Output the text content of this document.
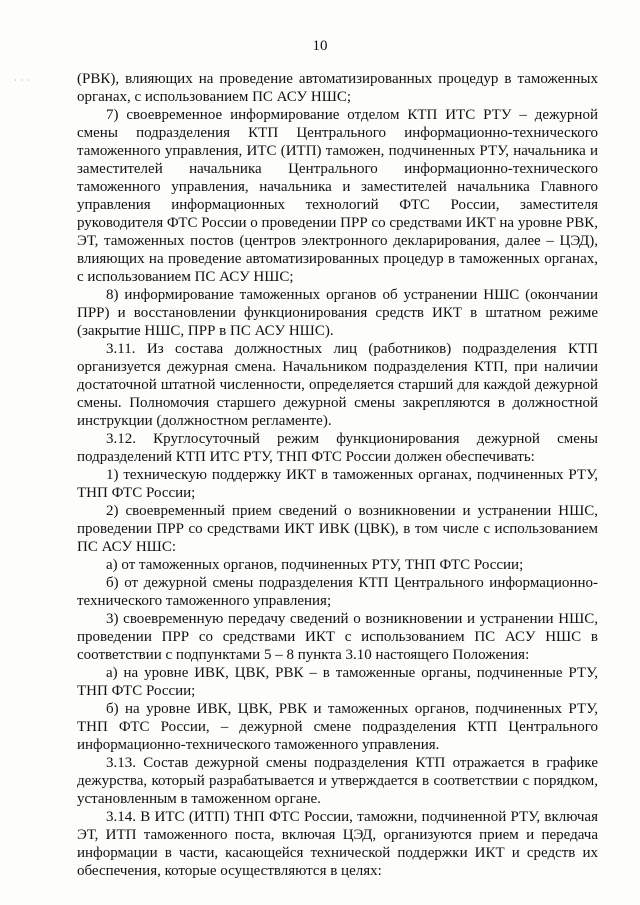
10
· · ·	(РВК), влияющих на проведение автоматизированных процедур в таможенных органах, с использованием ПС АСУ НШС;

7) своевременное информирование отделом КТП ИТС РТУ – дежурной смены подразделения КТП Центрального информационно-технического таможенного управления, ИТС (ИТП) таможен, подчиненных РТУ, начальника и заместителей начальника Центрального информационно-технического таможенного управления, начальника и заместителей начальника Главного управления информационных технологий ФТС России, заместителя руководителя ФТС России о проведении ПРР со средствами ИКТ на уровне РВК, ЭТ, таможенных постов (центров электронного декларирования, далее – ЦЭД), влияющих на проведение автоматизированных процедур в таможенных органах, с использованием ПС АСУ НШС;

8) информирование таможенных органов об устранении НШС (окончании ПРР) и восстановлении функционирования средств ИКТ в штатном режиме (закрытие НШС, ПРР в ПС АСУ НШС).

3.11. Из состава должностных лиц (работников) подразделения КТП организуется дежурная смена. Начальником подразделения КТП, при наличии достаточной штатной численности, определяется старший для каждой дежурной смены. Полномочия старшего дежурной смены закрепляются в должностной инструкции (должностном регламенте).

3.12. Круглосуточный режим функционирования дежурной смены подразделений КТП ИТС РТУ, ТНП ФТС России должен обеспечивать:

1) техническую поддержку ИКТ в таможенных органах, подчиненных РТУ, ТНП ФТС России;

2) своевременный прием сведений о возникновении и устранении НШС, проведении ПРР со средствами ИКТ ИВК (ЦВК), в том числе с использованием ПС АСУ НШС:

а) от таможенных органов, подчиненных РТУ, ТНП ФТС России;

б) от дежурной смены подразделения КТП Центрального информационно-технического таможенного управления;

3) своевременную передачу сведений о возникновении и устранении НШС, проведении ПРР со средствами ИКТ с использованием ПС АСУ НШС в соответствии с подпунктами 5 – 8 пункта 3.10 настоящего Положения:

а) на уровне ИВК, ЦВК, РВК – в таможенные органы, подчиненные РТУ, ТНП ФТС России;

б) на уровне ИВК, ЦВК, РВК и таможенных органов, подчиненных РТУ, ТНП ФТС России, – дежурной смене подразделения КТП Центрального информационно-технического таможенного управления.

3.13. Состав дежурной смены подразделения КТП отражается в графике дежурства, который разрабатывается и утверждается в соответствии с порядком, установленным в таможенном органе.

3.14. В ИТС (ИТП) ТНП ФТС России, таможни, подчиненной РТУ, включая ЭТ, ИТП таможенного поста, включая ЦЭД, организуются прием и передача информации в части, касающейся технической поддержки ИКТ и средств их обеспечения, которые осуществляются в целях:
